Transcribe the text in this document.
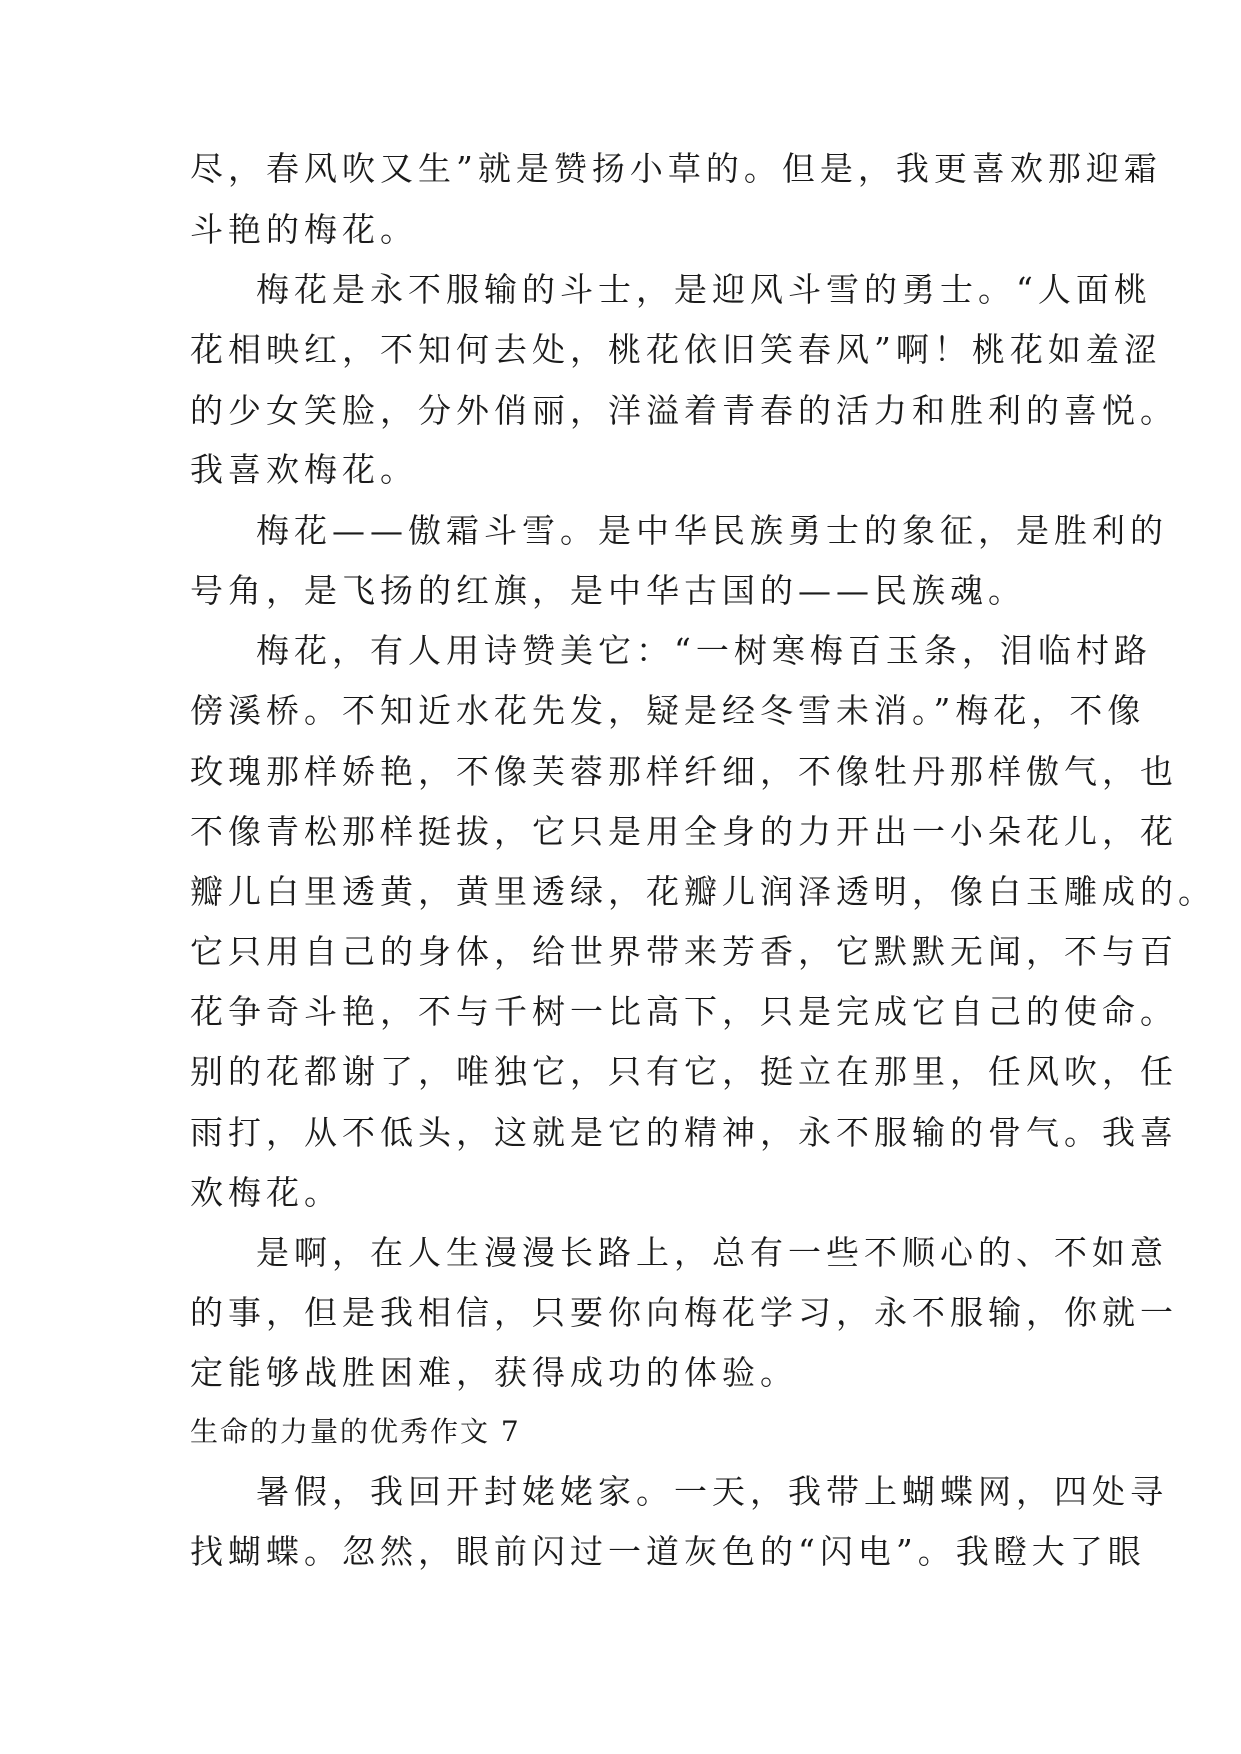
尽，春风吹又生”就是赞扬小草的。但是，我更喜欢那迎霜
斗艳的梅花。
梅花是永不服输的斗士，是迎风斗雪的勇士。“人面桃
花相映红，不知何去处，桃花依旧笑春风”啊！桃花如羞涩
的少女笑脸，分外俏丽，洋溢着青春的活力和胜利的喜悦。
我喜欢梅花。
梅花——傲霜斗雪。是中华民族勇士的象征，是胜利的
号角，是飞扬的红旗，是中华古国的——民族魂。
梅花，有人用诗赞美它：“一树寒梅百玉条，泪临村路
傍溪桥。不知近水花先发，疑是经冬雪未消。”梅花，不像
玫瑰那样娇艳，不像芙蓉那样纤细，不像牡丹那样傲气，也
不像青松那样挺拔，它只是用全身的力开出一小朵花儿，花
瓣儿白里透黄，黄里透绿，花瓣儿润泽透明，像白玉雕成的。
它只用自己的身体，给世界带来芳香，它默默无闻，不与百
花争奇斗艳，不与千树一比高下，只是完成它自己的使命。
别的花都谢了，唯独它，只有它，挺立在那里，任风吹，任
雨打，从不低头，这就是它的精神，永不服输的骨气。我喜
欢梅花。
是啊，在人生漫漫长路上，总有一些不顺心的、不如意
的事，但是我相信，只要你向梅花学习，永不服输，你就一
定能够战胜困难，获得成功的体验。
生命的力量的优秀作文 7
暑假，我回开封姥姥家。一天，我带上蝴蝶网，四处寻
找蝴蝶。忽然，眼前闪过一道灰色的“闪电”。我瞪大了眼
